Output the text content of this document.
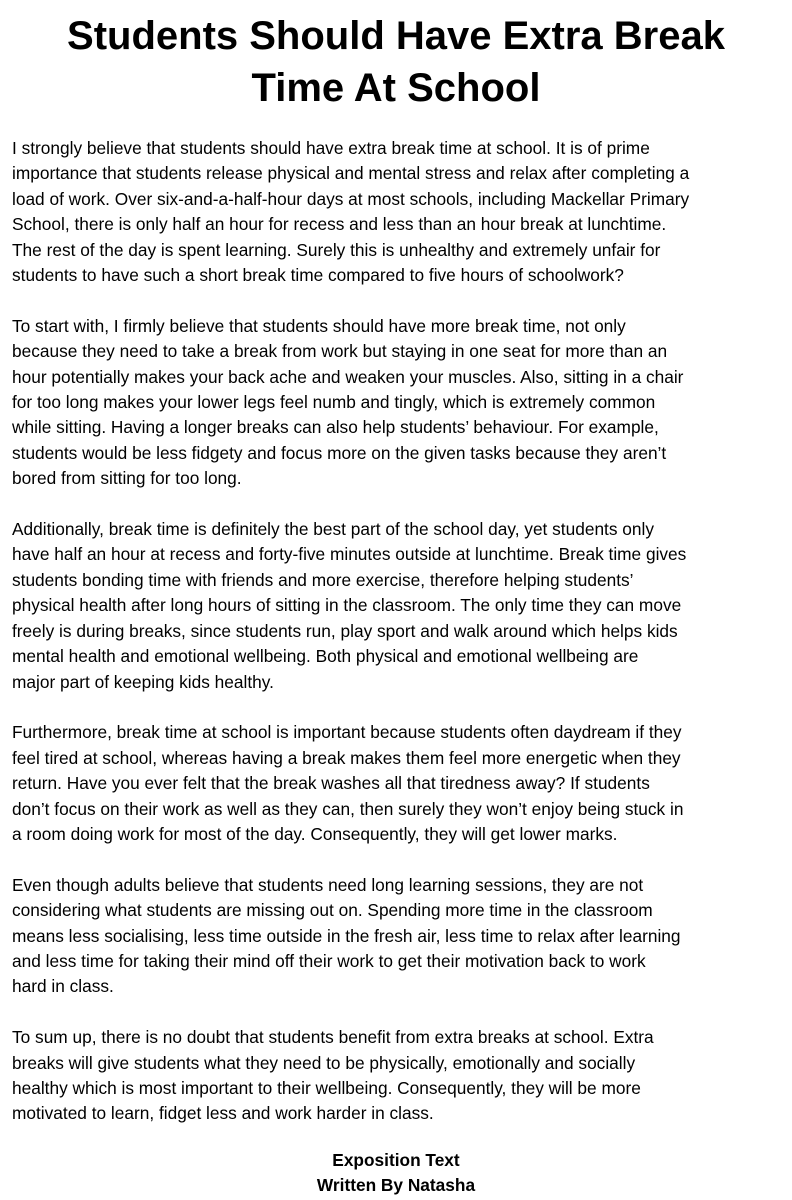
Students Should Have Extra Break
Time At School

I strongly believe that students should have extra break time at school. It is of prime
importance that students release physical and mental stress and relax after completing a
load of work. Over six-and-a-half-hour days at most schools, including Mackellar Primary
School, there is only half an hour for recess and less than an hour break at lunchtime.
The rest of the day is spent learning. Surely this is unhealthy and extremely unfair for
students to have such a short break time compared to five hours of schoolwork?

To start with, I firmly believe that students should have more break time, not only
because they need to take a break from work but staying in one seat for more than an
hour potentially makes your back ache and weaken your muscles. Also, sitting in a chair
for too long makes your lower legs feel numb and tingly, which is extremely common
while sitting. Having a longer breaks can also help students’ behaviour. For example,
students would be less fidgety and focus more on the given tasks because they aren’t
bored from sitting for too long.

Additionally, break time is definitely the best part of the school day, yet students only
have half an hour at recess and forty-five minutes outside at lunchtime. Break time gives
students bonding time with friends and more exercise, therefore helping students’
physical health after long hours of sitting in the classroom. The only time they can move
freely is during breaks, since students run, play sport and walk around which helps kids
mental health and emotional wellbeing. Both physical and emotional wellbeing are
major part of keeping kids healthy.

Furthermore, break time at school is important because students often daydream if they
feel tired at school, whereas having a break makes them feel more energetic when they
return. Have you ever felt that the break washes all that tiredness away? If students
don’t focus on their work as well as they can, then surely they won’t enjoy being stuck in
a room doing work for most of the day. Consequently, they will get lower marks.

Even though adults believe that students need long learning sessions, they are not
considering what students are missing out on. Spending more time in the classroom
means less socialising, less time outside in the fresh air, less time to relax after learning
and less time for taking their mind off their work to get their motivation back to work
hard in class.

To sum up, there is no doubt that students benefit from extra breaks at school. Extra
breaks will give students what they need to be physically, emotionally and socially
healthy which is most important to their wellbeing. Consequently, they will be more
motivated to learn, fidget less and work harder in class.

Exposition Text
Written By Natasha
